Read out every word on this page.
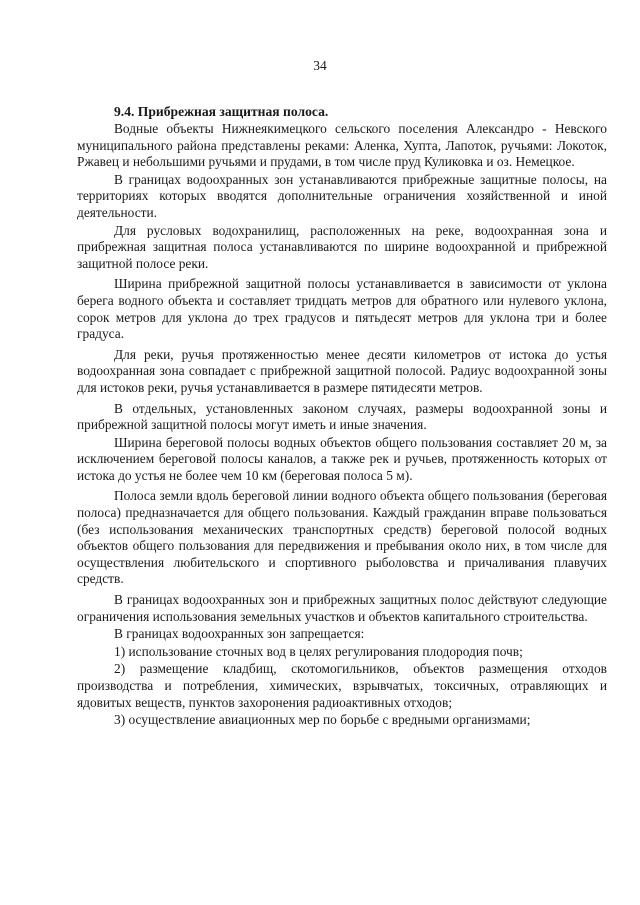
34

9.4. Прибрежная защитная полоса.

Водные объекты Нижнеякимецкого сельского поселения Александро - Невского муниципального района представлены реками: Аленка, Хупта, Лапоток, ручьями: Локоток, Ржавец и небольшими ручьями и прудами, в том числе пруд Куликовка и оз. Немецкое.

В границах водоохранных зон устанавливаются прибрежные защитные полосы, на территориях которых вводятся дополнительные ограничения хозяйственной и иной деятельности.

Для русловых водохранилищ, расположенных на реке, водоохранная зона и прибрежная защитная полоса устанавливаются по ширине водоохранной и прибрежной защитной полосе реки.

Ширина прибрежной защитной полосы устанавливается в зависимости от уклона берега водного объекта и составляет тридцать метров для обратного или нулевого уклона, сорок метров для уклона до трех градусов и пятьдесят метров для уклона три и более градуса.

Для реки, ручья протяженностью менее десяти километров от истока до устья водоохранная зона совпадает с прибрежной защитной полосой. Радиус водоохранной зоны для истоков реки, ручья устанавливается в размере пятидесяти метров.

В отдельных, установленных законом случаях, размеры водоохранной зоны и прибрежной защитной полосы могут иметь и иные значения.

Ширина береговой полосы водных объектов общего пользования составляет 20 м, за исключением береговой полосы каналов, а также рек и ручьев, протяженность которых от истока до устья не более чем 10 км (береговая полоса 5 м).

Полоса земли вдоль береговой линии водного объекта общего пользования (береговая полоса) предназначается для общего пользования. Каждый гражданин вправе пользоваться (без использования механических транспортных средств) береговой полосой водных объектов общего пользования для передвижения и пребывания около них, в том числе для осуществления любительского и спортивного рыболовства и причаливания плавучих средств.

В границах водоохранных зон и прибрежных защитных полос действуют следующие ограничения использования земельных участков и объектов капитального строительства.

В границах водоохранных зон запрещается:

1) использование сточных вод в целях регулирования плодородия почв;

2) размещение кладбищ, скотомогильников, объектов размещения отходов производства и потребления, химических, взрывчатых, токсичных, отравляющих и ядовитых веществ, пунктов захоронения радиоактивных отходов;

3) осуществление авиационных мер по борьбе с вредными организмами;
